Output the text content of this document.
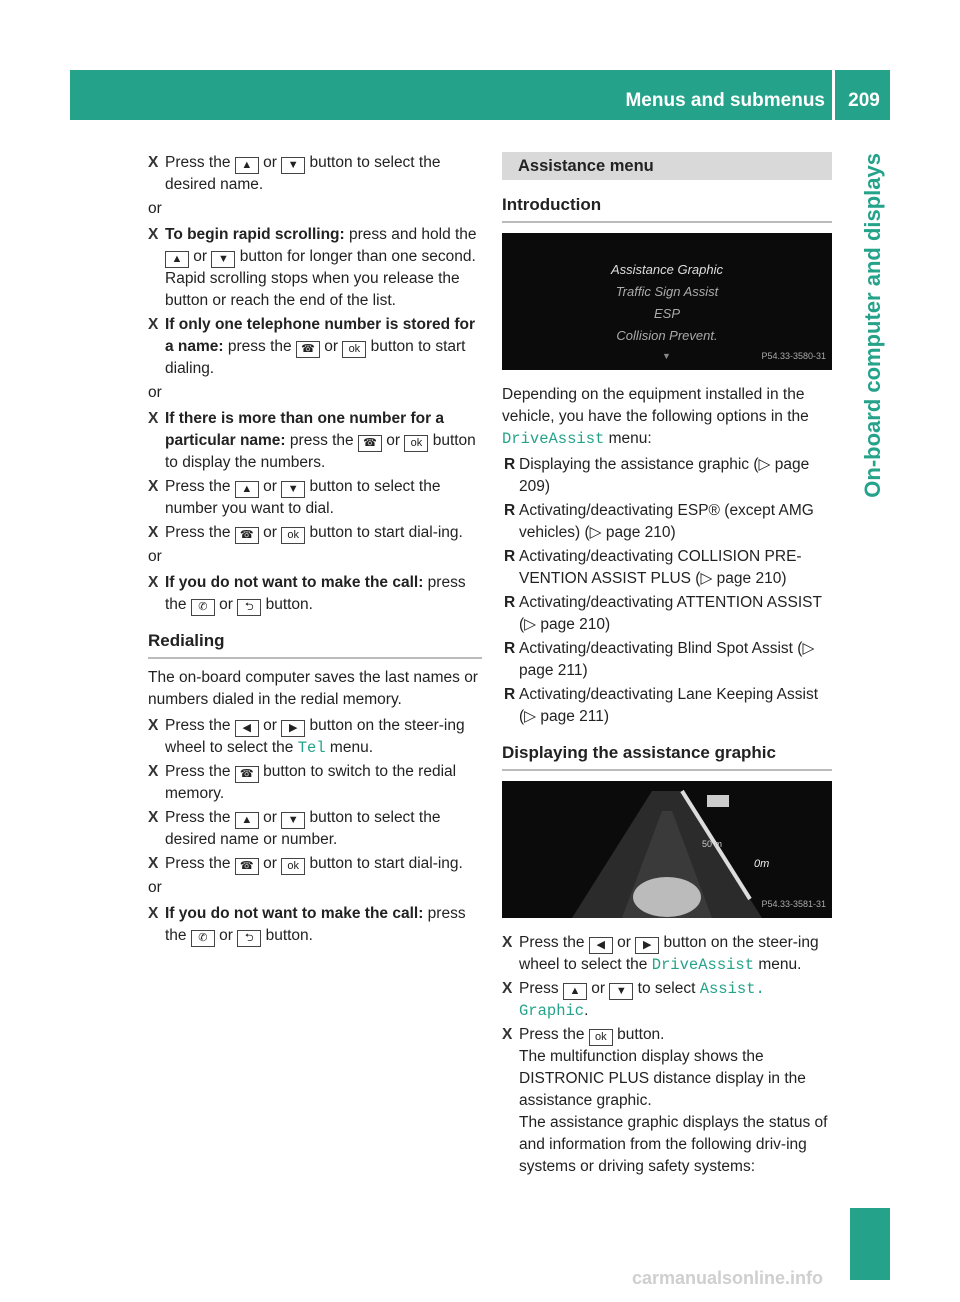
Menus and submenus	209
On-board computer and displays
X Press the ▲ or ▼ button to select the desired name.
or
X To begin rapid scrolling: press and hold the ▲ or ▼ button for longer than one second.
Rapid scrolling stops when you release the button or reach the end of the list.
X If only one telephone number is stored for a name: press the ☎ or ok button to start dialing.
or
X If there is more than one number for a particular name: press the ☎ or ok button to display the numbers.
X Press the ▲ or ▼ button to select the number you want to dial.
X Press the ☎ or ok button to start dial-ing.
or
X If you do not want to make the call: press the ✆ or ⮌ button.
Redialing
The on-board computer saves the last names or numbers dialed in the redial memory.
X Press the ◀ or ▶ button on the steer-ing wheel to select the Tel menu.
X Press the ☎ button to switch to the redial memory.
X Press the ▲ or ▼ button to select the desired name or number.
X Press the ☎ or ok button to start dial-ing.
or
X If you do not want to make the call: press the ✆ or ⮌ button.
Assistance menu
Introduction
Assistance Graphic
Traffic Sign Assist
ESP
Collision Prevent.
▼	P54.33-3580-31
Depending on the equipment installed in the vehicle, you have the following options in the DriveAssist menu:
R Displaying the assistance graphic (▷ page 209)
R Activating/deactivating ESP® (except AMG vehicles) (▷ page 210)
R Activating/deactivating COLLISION PRE-VENTION ASSIST PLUS (▷ page 210)
R Activating/deactivating ATTENTION ASSIST (▷ page 210)
R Activating/deactivating Blind Spot Assist (▷ page 211)
R Activating/deactivating Lane Keeping Assist (▷ page 211)
Displaying the assistance graphic
50 m
0m
P54.33-3581-31
X Press the ◀ or ▶ button on the steer-ing wheel to select the DriveAssist menu.
X Press ▲ or ▼ to select Assist. Graphic.
X Press the ok button.
The multifunction display shows the DISTRONIC PLUS distance display in the assistance graphic.
The assistance graphic displays the status of and information from the following driv-ing systems or driving safety systems:
carmanualsonline.info
